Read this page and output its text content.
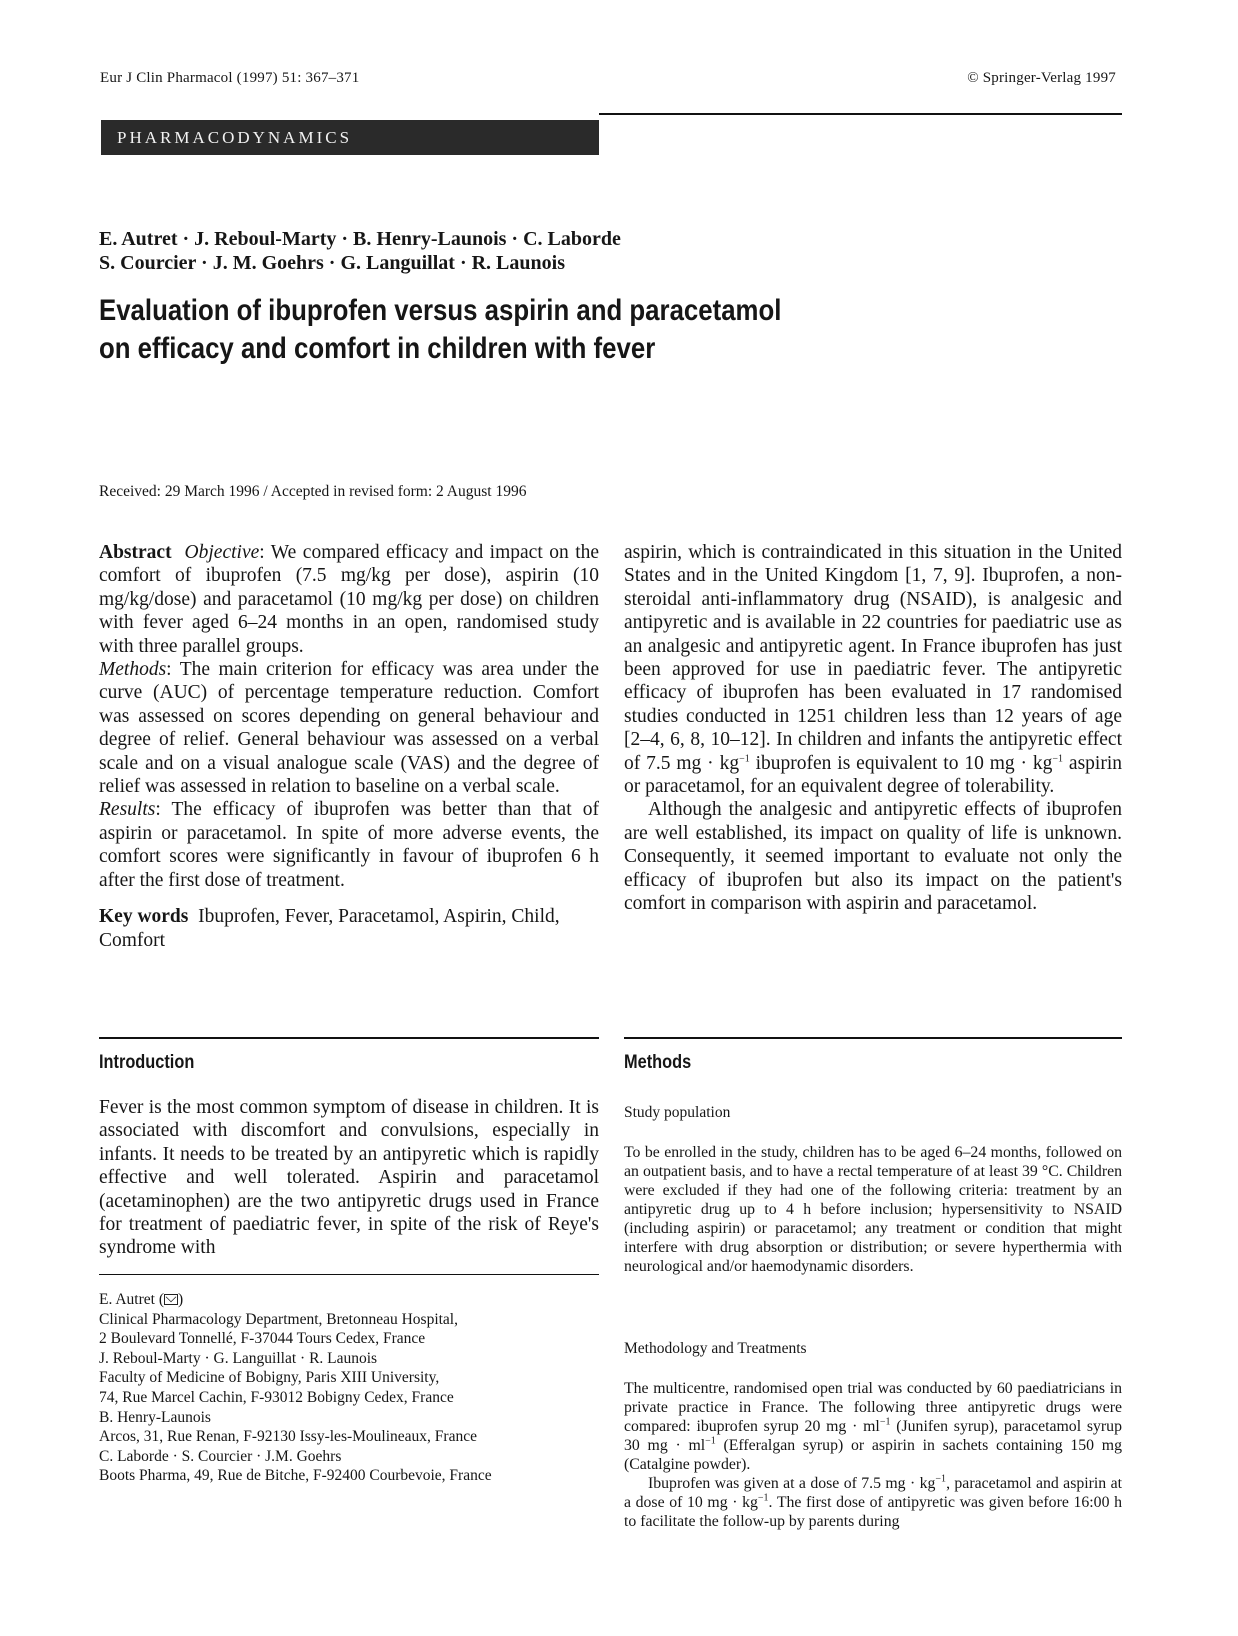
Eur J Clin Pharmacol (1997) 51: 367–371	© Springer-Verlag 1997
PHARMACODYNAMICS
E. Autret · J. Reboul-Marty · B. Henry-Launois · C. Laborde
S. Courcier · J. M. Goehrs · G. Languillat · R. Launois
Evaluation of ibuprofen versus aspirin and paracetamol
on efficacy and comfort in children with fever
Received: 29 March 1996 / Accepted in revised form: 2 August 1996

Abstract Objective: We compared efficacy and impact on the comfort of ibuprofen (7.5 mg/kg per dose), aspirin (10 mg/kg/dose) and paracetamol (10 mg/kg per dose) on children with fever aged 6–24 months in an open, randomised study with three parallel groups.

Methods: The main criterion for efficacy was area under the curve (AUC) of percentage temperature reduction. Comfort was assessed on scores depending on general behaviour and degree of relief. General behaviour was assessed on a verbal scale and on a visual analogue scale (VAS) and the degree of relief was assessed in relation to baseline on a verbal scale.

Results: The efficacy of ibuprofen was better than that of aspirin or paracetamol. In spite of more adverse events, the comfort scores were significantly in favour of ibuprofen 6 h after the first dose of treatment.

Key words Ibuprofen, Fever, Paracetamol, Aspirin, Child, Comfort

aspirin, which is contraindicated in this situation in the United States and in the United Kingdom [1, 7, 9]. Ibuprofen, a non-steroidal anti-inflammatory drug (NSAID), is analgesic and antipyretic and is available in 22 countries for paediatric use as an analgesic and antipyretic agent. In France ibuprofen has just been approved for use in paediatric fever. The antipyretic efficacy of ibuprofen has been evaluated in 17 randomised studies conducted in 1251 children less than 12 years of age [2–4, 6, 8, 10–12]. In children and infants the antipyretic effect of 7.5 mg · $kg^{-1}$ ibuprofen is equivalent to 10 mg · $kg^{-1}$ aspirin or paracetamol, for an equivalent degree of tolerability.

Although the analgesic and antipyretic effects of ibuprofen are well established, its impact on quality of life is unknown. Consequently, it seemed important to evaluate not only the efficacy of ibuprofen but also its impact on the patient's comfort in comparison with aspirin and paracetamol.

Introduction
Fever is the most common symptom of disease in children. It is associated with discomfort and convulsions, especially in infants. It needs to be treated by an antipyretic which is rapidly effective and well tolerated. Aspirin and paracetamol (acetaminophen) are the two antipyretic drugs used in France for treatment of paediatric fever, in spite of the risk of Reye's syndrome with
E. Autret ( )
Clinical Pharmacology Department, Bretonneau Hospital,
2 Boulevard Tonnellé, F-37044 Tours Cedex, France
J. Reboul-Marty · G. Languillat · R. Launois
Faculty of Medicine of Bobigny, Paris XIII University,
74, Rue Marcel Cachin, F-93012 Bobigny Cedex, France
B. Henry-Launois
Arcos, 31, Rue Renan, F-92130 Issy-les-Moulineaux, France
C. Laborde · S. Courcier · J.M. Goehrs
Boots Pharma, 49, Rue de Bitche, F-92400 Courbevoie, France
Methods
Study population
To be enrolled in the study, children has to be aged 6–24 months, followed on an outpatient basis, and to have a rectal temperature of at least 39 °C. Children were excluded if they had one of the following criteria: treatment by an antipyretic drug up to 4 h before inclusion; hypersensitivity to NSAID (including aspirin) or paracetamol; any treatment or condition that might interfere with drug absorption or distribution; or severe hyperthermia with neurological and/or haemodynamic disorders.
Methodology and Treatments
The multicentre, randomised open trial was conducted by 60 paediatricians in private practice in France. The following three antipyretic drugs were compared: ibuprofen syrup 20 mg · $ml^{-1}$ (Junifen syrup), paracetamol syrup 30 mg · $ml^{-1}$ (Efferalgan syrup) or aspirin in sachets containing 150 mg (Catalgine powder).
Ibuprofen was given at a dose of 7.5 mg · $kg^{-1}$, paracetamol and aspirin at a dose of 10 mg · $kg^{-1}$. The first dose of antipyretic was given before 16:00 h to facilitate the follow-up by parents during
